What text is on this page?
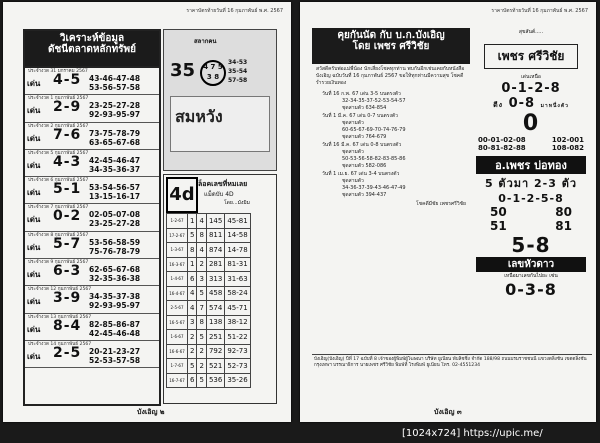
ราคาบัตรท้ายวันที่ 16 กุมภาพันธ์ พ.ศ. 2567
วิเคราะห์ข้อมูล
ดัชนีตลาดหลักทรัพย์
ประจำงวด 31 มกราคม 2567
เด่น 4-5 43-46-47-48
53-56-57-58
ประจำงวด 1 กุมภาพันธ์ 2567
เด่น 2-9 23-25-27-28
92-93-95-97
ประจำงวด 2 กุมภาพันธ์ 2567
เด่น 7-6 73-75-78-79
63-65-67-68
ประจำงวด 5 กุมภาพันธ์ 2567
เด่น 4-3 42-45-46-47
34-35-36-37
ประจำงวด 6 กุมภาพันธ์ 2567
เด่น 5-1 53-54-56-57
13-15-16-17
ประจำงวด 7 กุมภาพันธ์ 2567
เด่น 0-2 02-05-07-08
23-25-27-28
ประจำงวด 8 กุมภาพันธ์ 2567
เด่น 5-7 53-56-58-59
75-76-78-79
ประจำงวด 9 กุมภาพันธ์ 2567
เด่น 6-3 62-65-67-68
32-35-36-38
ประจำงวด 12 กุมภาพันธ์ 2567
เด่น 3-9 34-35-37-38
92-93-95-97
ประจำงวด 13 กุมภาพันธ์ 2567
เด่น 8-4 82-85-86-87
42-45-46-48
ประจำงวด 14 กุมภาพันธ์ 2567
เด่น 2-5 20-21-23-27
52-53-57-58
สลากคน
35	4 7 5 3 8
34-53
35-54
57-58
สมหวัง
4d ล็อคเลขที่หมเลย
แม็ดบับ 4D
โดย...มังมิม
1-2-67	1	4	145	45-81
17-2-67	5	8	811	14-58
1-3-67	8	4	874	14-78
16-3-67	1	2	281	81-31
1-4-67	6	3	313	31-63
16-4-67	4	5	458	58-24
2-5-67	4	7	574	45-71
16-5-67	3	8	138	38-12
1-6-67	2	5	251	51-22
16-6-67	2	2	792	92-73
1-7-67	5	2	521	52-73
16-7-67	6	5	536	35-26
บังเอิญ ๒
ราคาบัตรท้ายวันที่ 16 กุมภาพันธ์ พ.ศ. 2567
คุยกันนัด กับ บ.ก.บังเอิญ
โดย เพชร ศรีวิชัย
สวัสดีครับพ่อแม่พี่น้อง นักเสี่ยงโชคทุกท่าน พบกันอีกเช่นเคยกับหนังสือบังเอิญ ฉบับวันที่ 16 กุมภาพันธ์ 2567 ขอให้ทุกท่านมีความสุข โชคดี ร่ำรวยเงินทอง
วันที่ 16 ก.พ. 67 เด่น 3-5 บนตรงตัว
32-34-35-37-52-53-54-57
ชุดสามตัว 634-854
วันที่ 1 มี.ค. 67 เด่น 0-7 บนตรงตัว
ชุดสามตัว
60-65-67-69-70-74-76-79
ชุดสามตัว 764-679
วันที่ 16 มี.ค. 67 เด่น 0-8 บนตรงตัว
ชุดสามตัว
50-53-56-58-82-83-85-86
ชุดสามตัว 582-086
วันที่ 1 เม.ย. 67 เด่น 3-4 บนตรงตัว
ชุดสามตัว
34-36-37-39-43-46-47-49
ชุดสามตัว 394-437
โชคดีมีชัย เพชรศรีวิชัย
สุขสันต์.....
เพชร ศรีวิชัย
เด่นเหนือ
0-1-2-8
ตีง 0-8 มาหนึ่งตัว
0
00-01-02-08	102-001
80-81-82-88	108-082
อ.เพชร บ่อทอง
5 ตัวมา 2-3 ตัว
0-1-2-5-8
50	80
51	81
5-8
เลขหัวดาว
เหนือมาเลขกันไปยะ เซ่น
0-3-8
บังเอิญ(บังเอิญ) ปีที่ 17 ฉบับที่ 8 เจ้าของผู้พิมพ์ผู้โฆษณา บริษัท ยูเนียน พับลิชชิ่ง จำกัด 188/98 ถนนบรมราชชนนี แขวงตลิ่งชัน เขตตลิ่งชัน กรุงเทพฯ บรรณาธิการ นายเพชร ศรีวิชัย พิมพ์ที่ โรงพิมพ์ ยูเนียน โทร. 02-4551234
บังเอิญ ๓
[1024x724] https://upic.me/
